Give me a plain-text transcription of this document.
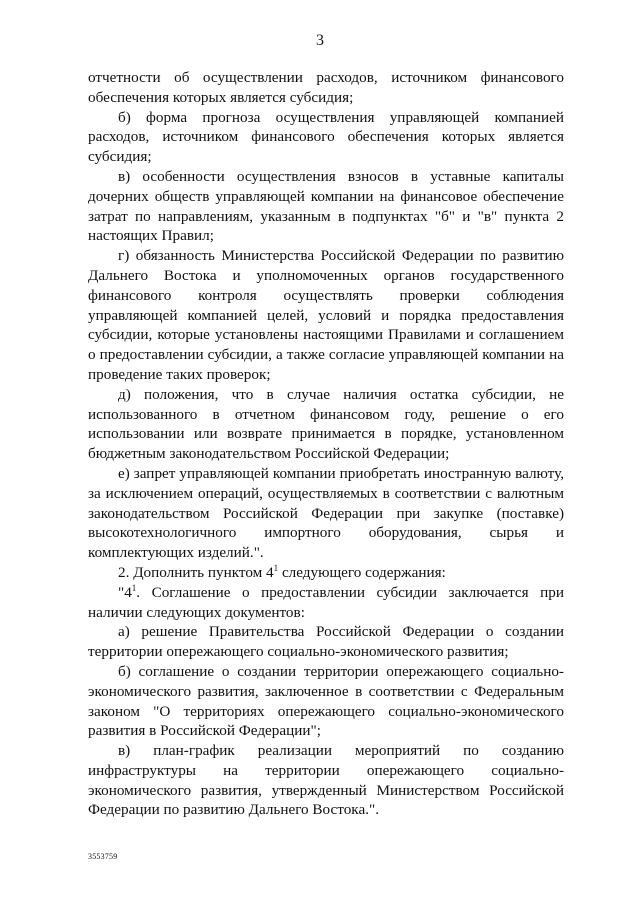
3

отчетности об осуществлении расходов, источником финансового обеспечения которых является субсидия;

б) форма прогноза осуществления управляющей компанией расходов, источником финансового обеспечения которых является субсидия;

в) особенности осуществления взносов в уставные капиталы дочерних обществ управляющей компании на финансовое обеспечение затрат по направлениям, указанным в подпунктах "б" и "в" пункта 2 настоящих Правил;

г) обязанность Министерства Российской Федерации по развитию Дальнего Востока и уполномоченных органов государственного финансового контроля осуществлять проверки соблюдения управляющей компанией целей, условий и порядка предоставления субсидии, которые установлены настоящими Правилами и соглашением о предоставлении субсидии, а также согласие управляющей компании на проведение таких проверок;

д) положения, что в случае наличия остатка субсидии, не использованного в отчетном финансовом году, решение о его использовании или возврате принимается в порядке, установленном бюджетным законодательством Российской Федерации;

е) запрет управляющей компании приобретать иностранную валюту, за исключением операций, осуществляемых в соответствии с валютным законодательством Российской Федерации при закупке (поставке) высокотехнологичного импортного оборудования, сырья и комплектующих изделий.".

2. Дополнить пунктом $4^1$ следующего содержания:

"$4^1$. Соглашение о предоставлении субсидии заключается при наличии следующих документов:

а) решение Правительства Российской Федерации о создании территории опережающего социально-экономического развития;

б) соглашение о создании территории опережающего социально-экономического развития, заключенное в соответствии с Федеральным законом "О территориях опережающего социально-экономического развития в Российской Федерации";

в) план-график реализации мероприятий по созданию инфраструктуры на территории опережающего социально-экономического развития, утвержденный Министерством Российской Федерации по развитию Дальнего Востока.".

3553759
